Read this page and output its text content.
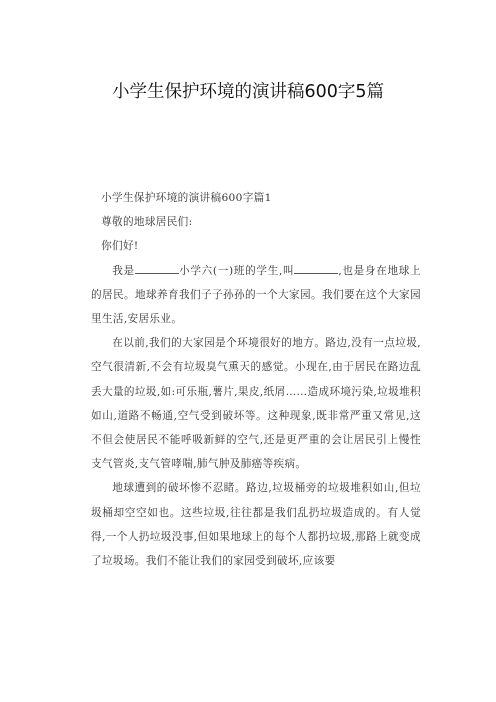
小学生保护环境的演讲稿600字5篇

小学生保护环境的演讲稿600字篇1

尊敬的地球居民们:

你们好!

我是	小学六(一)班的学生,叫	,也是身在地球上的居民。地球养育我们子子孙孙的一个大家园。我们要在这个大家园里生活,安居乐业。

在以前,我们的大家园是个环境很好的地方。路边,没有一点垃圾,空气很清新,不会有垃圾臭气熏天的感觉。小现在,由于居民在路边乱丢大量的垃圾,如:可乐瓶,薯片,果皮,纸屑……造成环境污染,垃圾堆积如山,道路不畅通,空气受到破坏等。这种现象,既非常严重又常见,这不但会使居民不能呼吸新鲜的空气,还是更严重的会让居民引上慢性支气管炎,支气管哮喘,肺气肿及肺癌等疾病。

地球遭到的破坏惨不忍睹。路边,垃圾桶旁的垃圾堆积如山,但垃圾桶却空空如也。这些垃圾,往往都是我们乱扔垃圾造成的。有人觉得,一个人扔垃圾没事,但如果地球上的每个人都扔垃圾,那路上就变成了垃圾场。我们不能让我们的家园受到破坏,应该要
